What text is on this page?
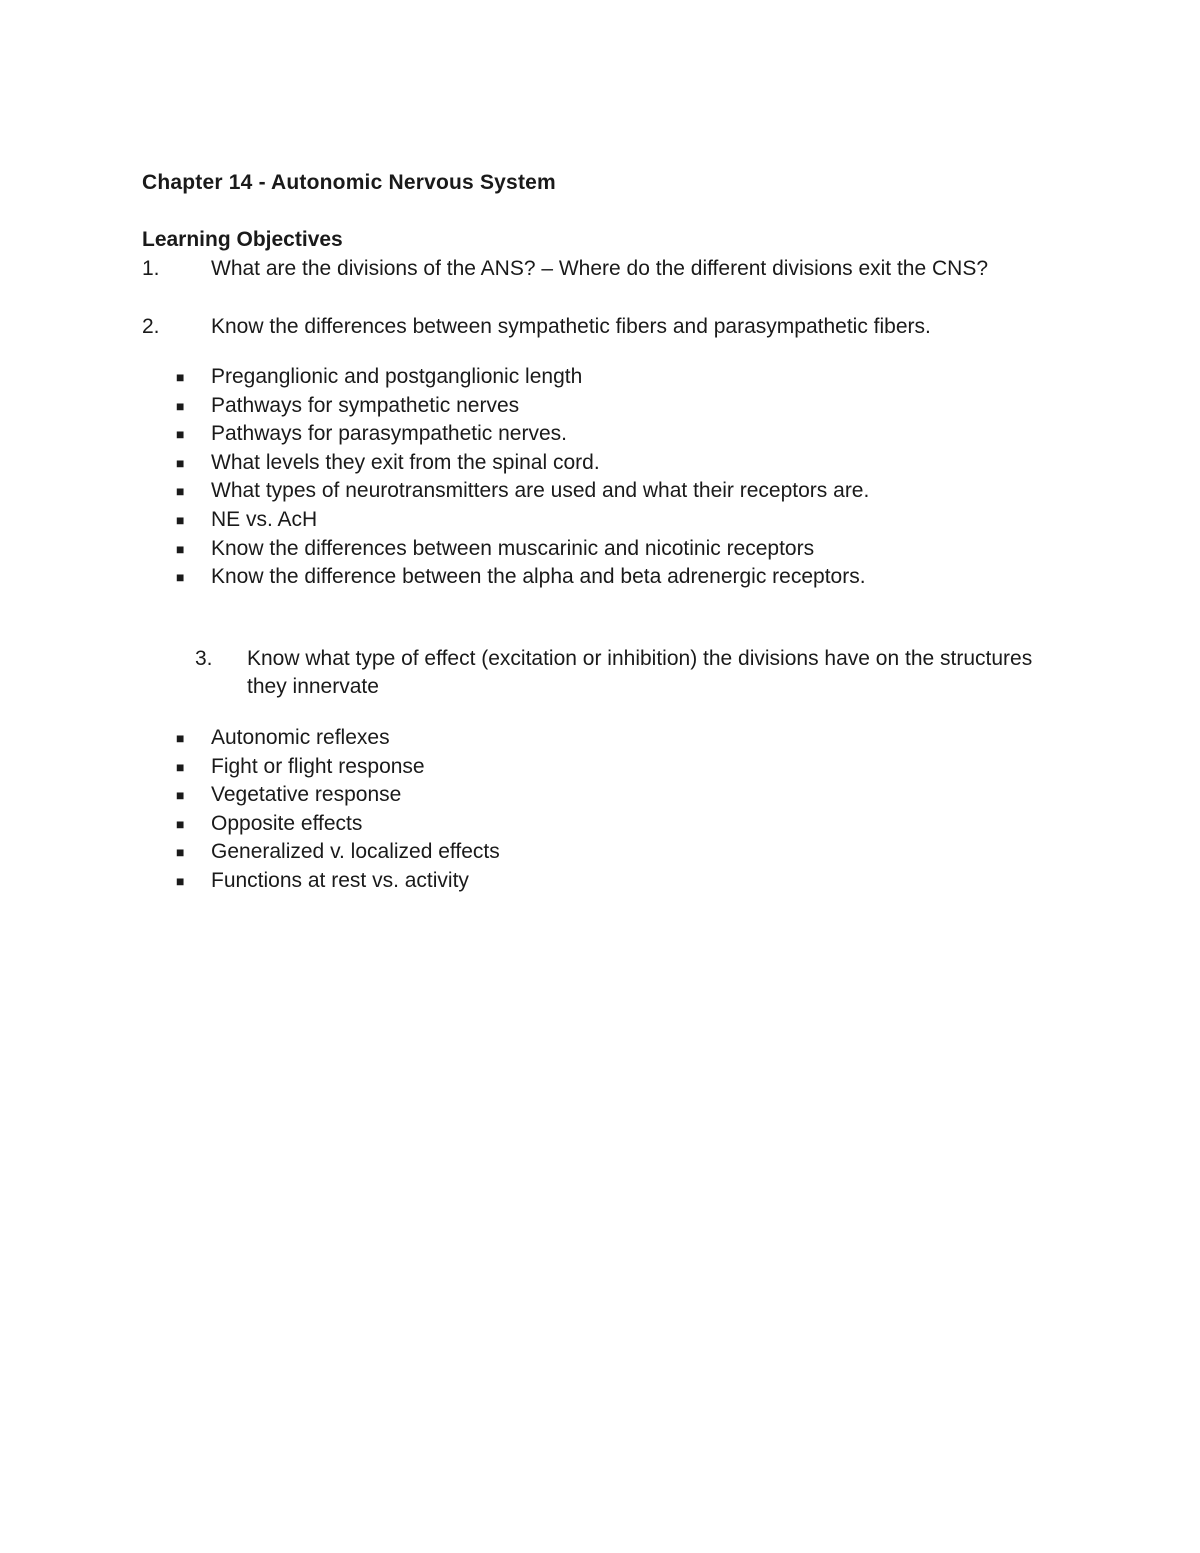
Chapter 14 - Autonomic Nervous System
Learning Objectives
1. What are the divisions of the ANS? – Where do the different divisions exit the CNS?
2. Know the differences between sympathetic fibers and parasympathetic fibers.
■ Preganglionic and postganglionic length
■ Pathways for sympathetic nerves
■ Pathways for parasympathetic nerves.
■ What levels they exit from the spinal cord.
■ What types of neurotransmitters are used and what their receptors are.
■ NE vs. AcH
■ Know the differences between muscarinic and nicotinic receptors
■ Know the difference between the alpha and beta adrenergic receptors.
3. Know what type of effect (excitation or inhibition) the divisions have on the structures
they innervate
■ Autonomic reflexes
■ Fight or flight response
■ Vegetative response
■ Opposite effects
■ Generalized v. localized effects
■ Functions at rest vs. activity
